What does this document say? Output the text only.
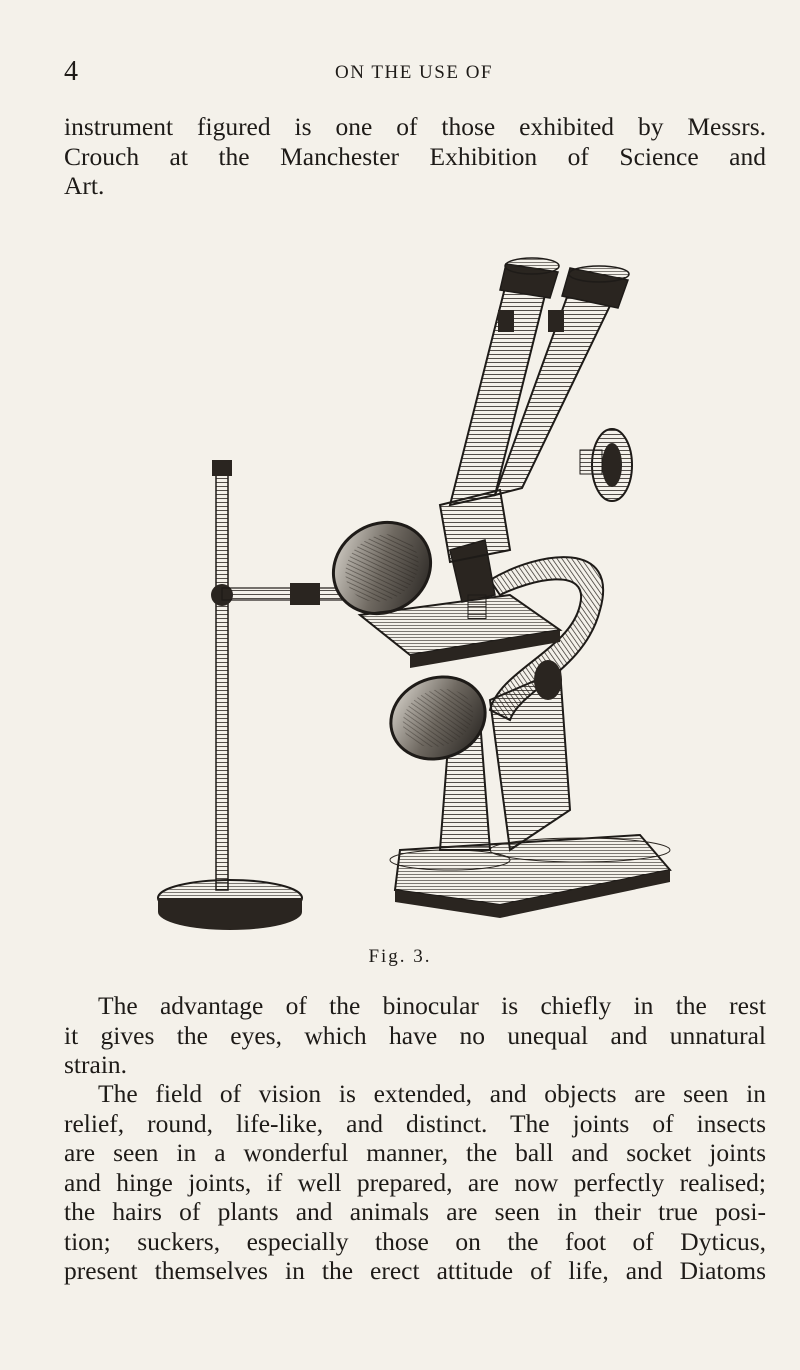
4	ON THE USE OF
instrument figured is one of those exhibited by Messrs.
Crouch at the Manchester Exhibition of Science and
Art.
Fig. 3.
The advantage of the binocular is chiefly in the rest
it gives the eyes, which have no unequal and unnatural
strain.
The field of vision is extended, and objects are seen in
relief, round, life-like, and distinct. The joints of insects
are seen in a wonderful manner, the ball and socket joints
and hinge joints, if well prepared, are now perfectly realised;
the hairs of plants and animals are seen in their true posi-
tion; suckers, especially those on the foot of Dyticus,
present themselves in the erect attitude of life, and Diatoms
